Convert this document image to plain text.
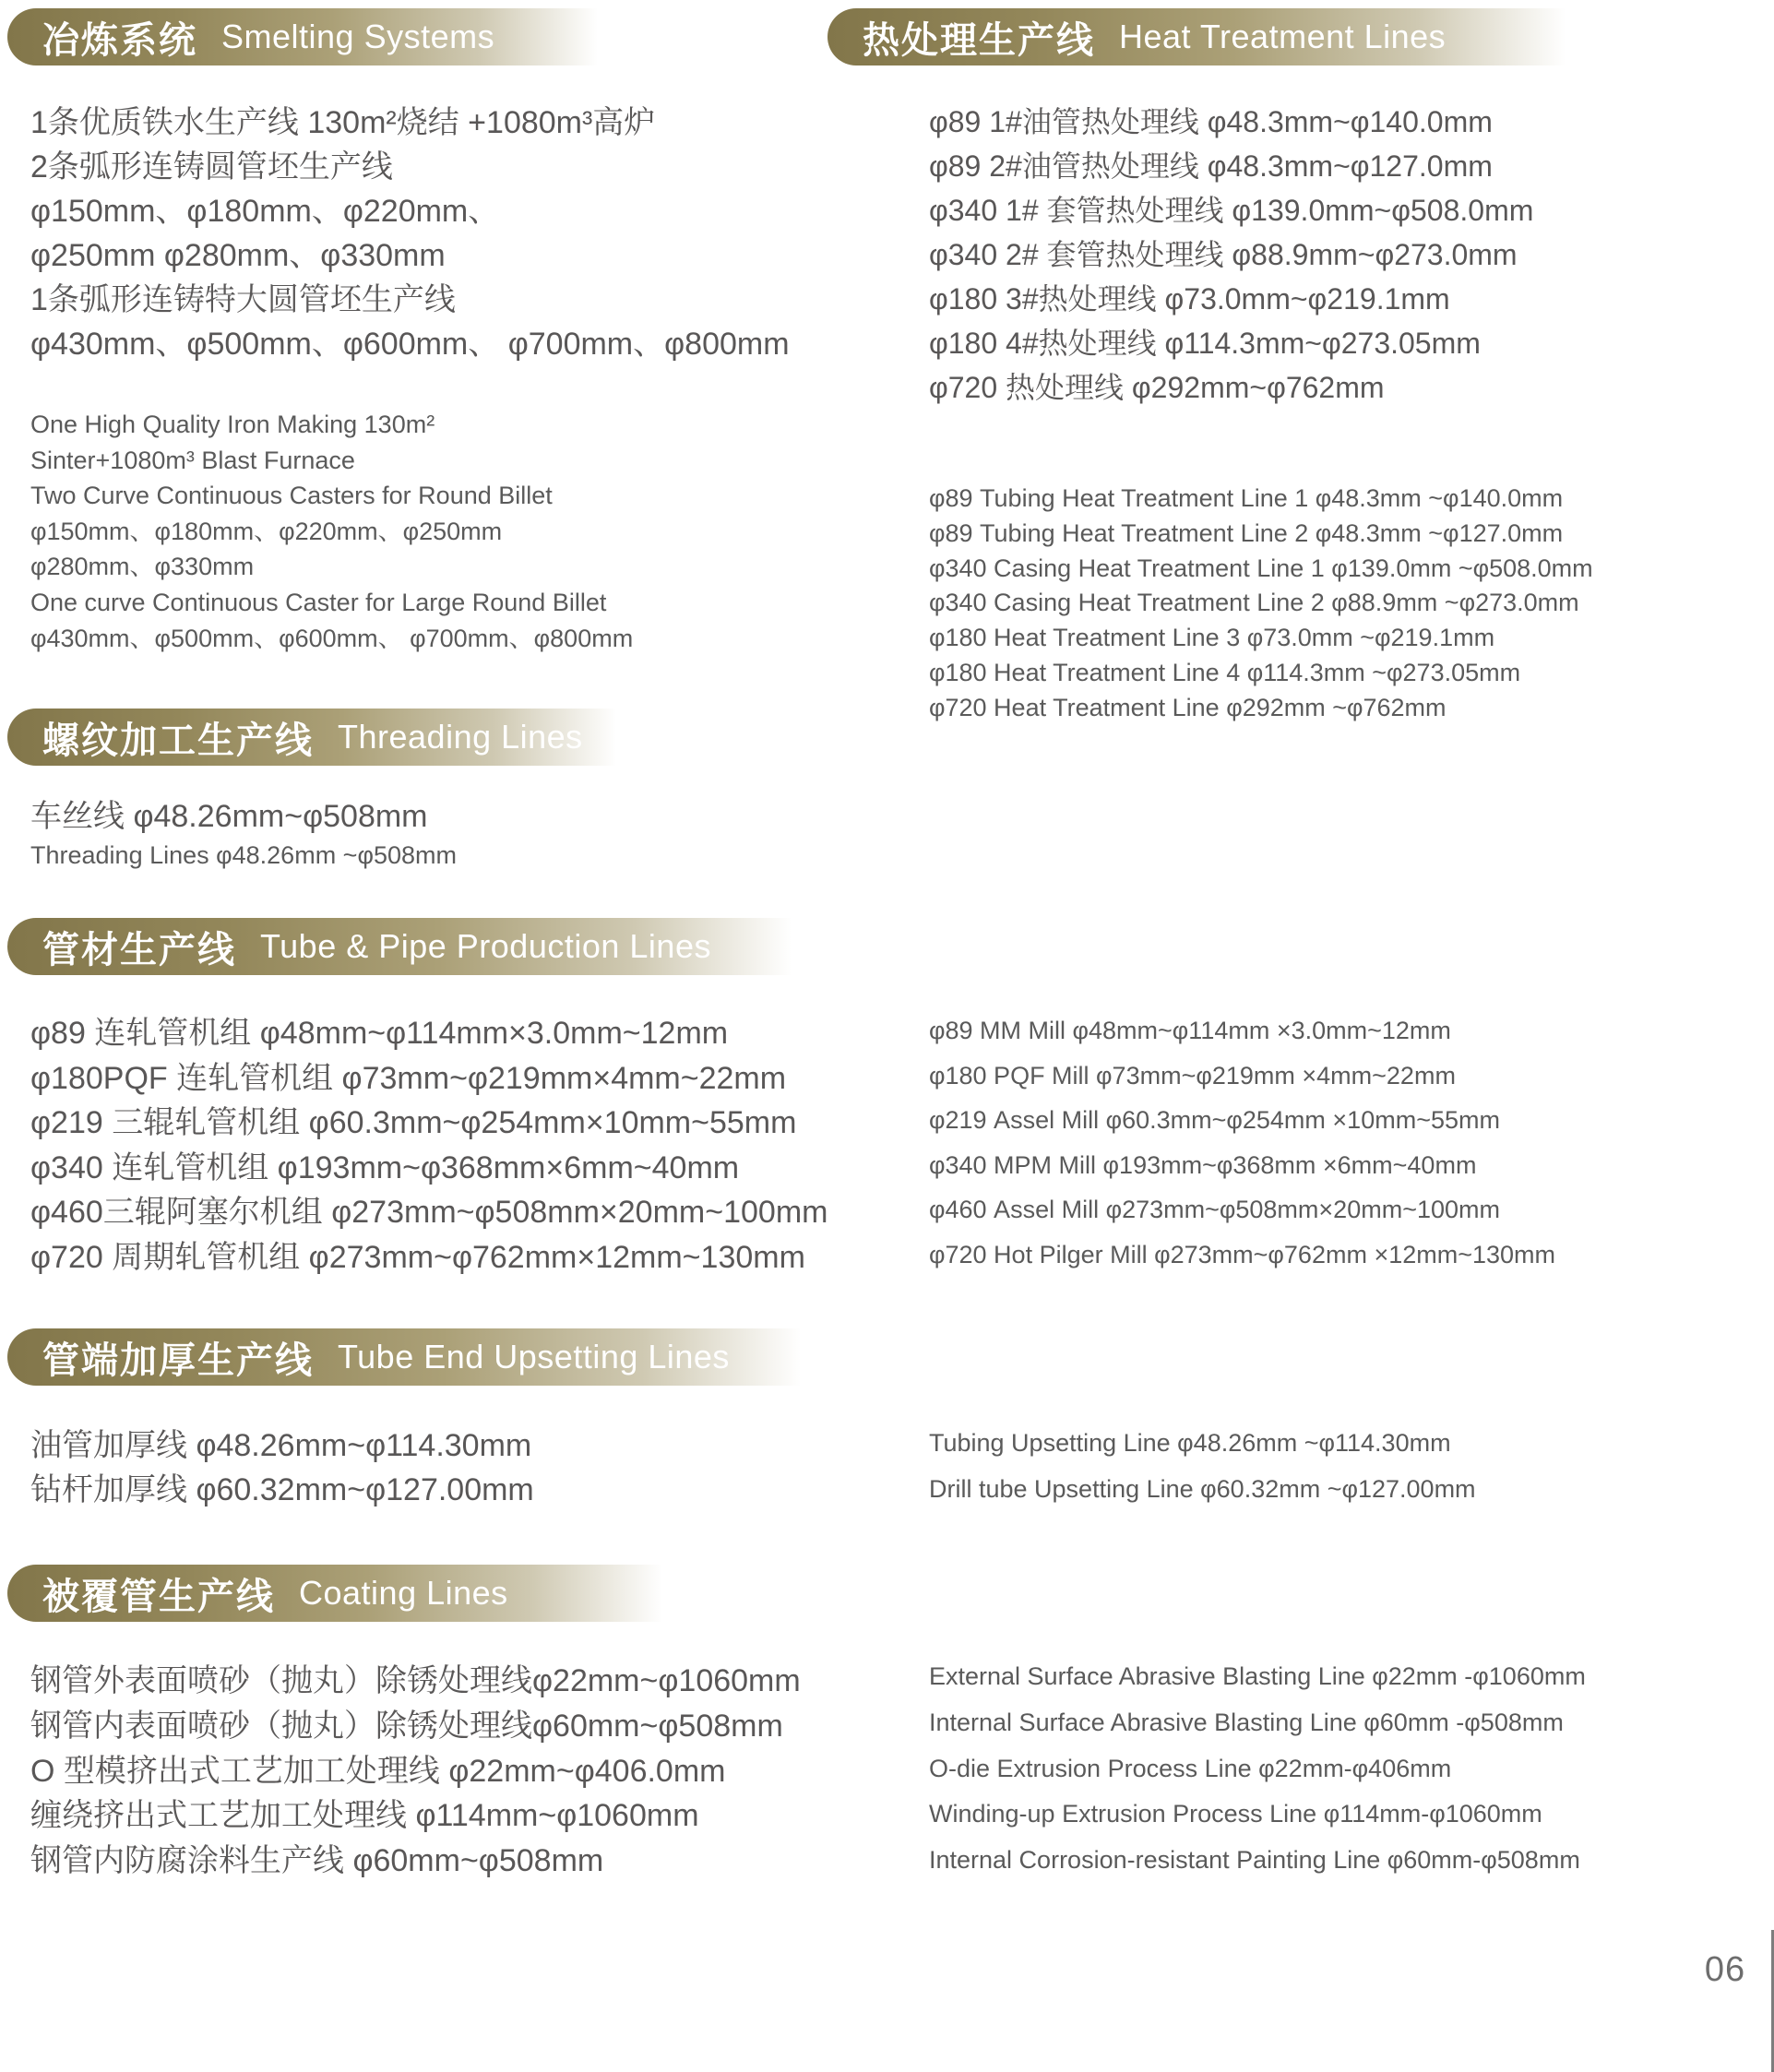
冶炼系统 Smelting Systems
1条优质铁水生产线 130m²烧结 +1080m³高炉
2条弧形连铸圆管坯生产线
φ150mm、φ180mm、φ220mm、
φ250mm φ280mm、φ330mm
1条弧形连铸特大圆管坯生产线
φ430mm、φ500mm、φ600mm、 φ700mm、φ800mm
One High Quality Iron Making 130m²
Sinter+1080m³ Blast Furnace
Two Curve Continuous Casters for Round Billet
φ150mm、φ180mm、φ220mm、φ250mm
φ280mm、φ330mm
One curve Continuous Caster for Large Round Billet
φ430mm、φ500mm、φ600mm、 φ700mm、φ800mm
热处理生产线 Heat Treatment Lines
φ89 1#油管热处理线 φ48.3mm~φ140.0mm
φ89 2#油管热处理线 φ48.3mm~φ127.0mm
φ340 1# 套管热处理线 φ139.0mm~φ508.0mm
φ340 2# 套管热处理线 φ88.9mm~φ273.0mm
φ180 3#热处理线 φ73.0mm~φ219.1mm
φ180 4#热处理线 φ114.3mm~φ273.05mm
φ720 热处理线 φ292mm~φ762mm
φ89 Tubing Heat Treatment Line 1 φ48.3mm ~φ140.0mm
φ89 Tubing Heat Treatment Line 2 φ48.3mm ~φ127.0mm
φ340 Casing Heat Treatment Line 1 φ139.0mm ~φ508.0mm
φ340 Casing Heat Treatment Line 2 φ88.9mm ~φ273.0mm
φ180 Heat Treatment Line 3 φ73.0mm ~φ219.1mm
φ180 Heat Treatment Line 4 φ114.3mm ~φ273.05mm
φ720 Heat Treatment Line φ292mm ~φ762mm
螺纹加工生产线 Threading Lines
车丝线 φ48.26mm~φ508mm
Threading Lines φ48.26mm ~φ508mm
管材生产线 Tube & Pipe Production Lines
φ89 连轧管机组 φ48mm~φ114mm×3.0mm~12mm
φ180PQF 连轧管机组 φ73mm~φ219mm×4mm~22mm
φ219 三辊轧管机组 φ60.3mm~φ254mm×10mm~55mm
φ340 连轧管机组 φ193mm~φ368mm×6mm~40mm
φ460三辊阿塞尔机组 φ273mm~φ508mm×20mm~100mm
φ720 周期轧管机组 φ273mm~φ762mm×12mm~130mm
φ89 MM Mill φ48mm~φ114mm ×3.0mm~12mm
φ180 PQF Mill φ73mm~φ219mm ×4mm~22mm
φ219 Assel Mill φ60.3mm~φ254mm ×10mm~55mm
φ340 MPM Mill φ193mm~φ368mm ×6mm~40mm
φ460 Assel Mill φ273mm~φ508mm×20mm~100mm
φ720 Hot Pilger Mill φ273mm~φ762mm ×12mm~130mm
管端加厚生产线 Tube End Upsetting Lines
油管加厚线 φ48.26mm~φ114.30mm
钻杆加厚线 φ60.32mm~φ127.00mm
Tubing Upsetting Line φ48.26mm ~φ114.30mm
Drill tube Upsetting Line φ60.32mm ~φ127.00mm
被覆管生产线 Coating Lines
钢管外表面喷砂（抛丸）除锈处理线φ22mm~φ1060mm
钢管内表面喷砂（抛丸）除锈处理线φ60mm~φ508mm
O 型模挤出式工艺加工处理线 φ22mm~φ406.0mm
缠绕挤出式工艺加工处理线 φ114mm~φ1060mm
钢管内防腐涂料生产线 φ60mm~φ508mm
External Surface Abrasive Blasting Line φ22mm -φ1060mm
Internal Surface Abrasive Blasting Line φ60mm -φ508mm
O-die Extrusion Process Line φ22mm-φ406mm
Winding-up Extrusion Process Line φ114mm-φ1060mm
Internal Corrosion-resistant Painting Line φ60mm-φ508mm
06
